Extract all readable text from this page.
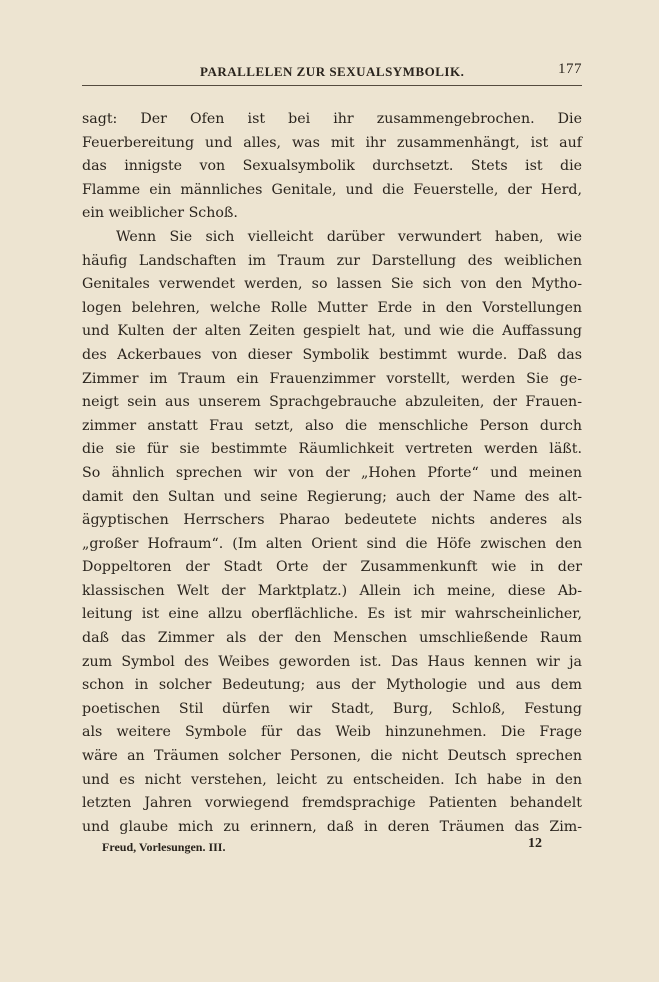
PARALLELEN ZUR SEXUALSYMBOLIK.	177
sagt: Der Ofen ist bei ihr zusammengebrochen. Die
Feuerbereitung und alles, was mit ihr zusammenhängt, ist auf
das innigste von Sexualsymbolik durchsetzt. Stets ist die
Flamme ein männliches Genitale, und die Feuerstelle, der Herd,
ein weiblicher Schoß.
Wenn Sie sich vielleicht darüber verwundert haben, wie
häufig Landschaften im Traum zur Darstellung des weiblichen
Genitales verwendet werden, so lassen Sie sich von den Mytho-
logen belehren, welche Rolle Mutter Erde in den Vorstellungen
und Kulten der alten Zeiten gespielt hat, und wie die Auffassung
des Ackerbaues von dieser Symbolik bestimmt wurde. Daß das
Zimmer im Traum ein Frauenzimmer vorstellt, werden Sie ge-
neigt sein aus unserem Sprachgebrauche abzuleiten, der Frauen-
zimmer anstatt Frau setzt, also die menschliche Person durch
die sie für sie bestimmte Räumlichkeit vertreten werden läßt.
So ähnlich sprechen wir von der „Hohen Pforte“ und meinen
damit den Sultan und seine Regierung; auch der Name des alt-
ägyptischen Herrschers Pharao bedeutete nichts anderes als
„großer Hofraum“. (Im alten Orient sind die Höfe zwischen den
Doppeltoren der Stadt Orte der Zusammenkunft wie in der
klassischen Welt der Marktplatz.) Allein ich meine, diese Ab-
leitung ist eine allzu oberflächliche. Es ist mir wahrscheinlicher,
daß das Zimmer als der den Menschen umschließende Raum
zum Symbol des Weibes geworden ist. Das Haus kennen wir ja
schon in solcher Bedeutung; aus der Mythologie und aus dem
poetischen Stil dürfen wir Stadt, Burg, Schloß, Festung
als weitere Symbole für das Weib hinzunehmen. Die Frage
wäre an Träumen solcher Personen, die nicht Deutsch sprechen
und es nicht verstehen, leicht zu entscheiden. Ich habe in den
letzten Jahren vorwiegend fremdsprachige Patienten behandelt
und glaube mich zu erinnern, daß in deren Träumen das Zim-
Freud, Vorlesungen. III.	12
